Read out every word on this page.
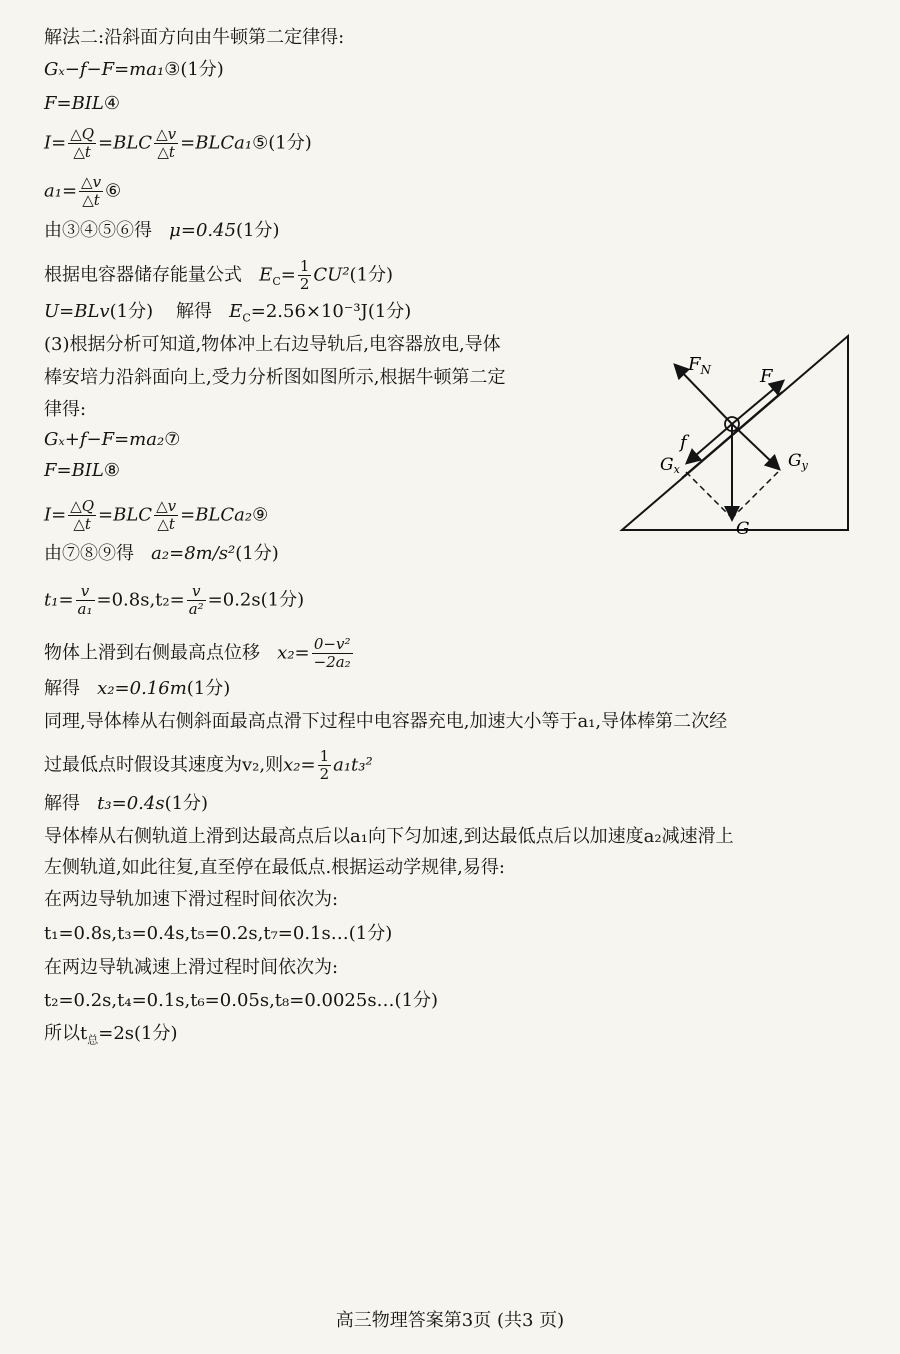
解法二:沿斜面方向由牛顿第二定律得:
Gₓ−f−F=ma₁③(1分)
F=BIL④
$I= \frac{\triangle Q}{\triangle t} =BLC \frac{\triangle v}{\triangle t}$ =BLCa₁⑤(1分)
$a_1= \frac{\triangle v}{\triangle t}$ ⑥
由③④⑤⑥得 μ=0.45(1分)
根据电容器储存能量公式 $E_C= \frac{1}{2} CU^2(1$分)
U=BLv(1分) 解得 $E_C=2.56\times 10^{-3}J(1$分)
(3)根据分析可知道,物体冲上右边导轨后,电容器放电,导体
棒安培力沿斜面向上,受力分析图如图所示,根据牛顿第二定
律得:
Gₓ+f−F=ma₂⑦
F=BIL⑧
$I= \frac{\triangle Q}{\triangle t} =BLC \frac{\triangle v}{\triangle t}$ =BLCa₂⑨
由⑦⑧⑨得 a₂=8m/s²(1分)
$t_1= \frac{v}{\text{a₁}} =0.8s,t_2= \frac{v}{\text{a²}} =0.2s(1$分)
物体上滑到右侧最高点位移 $x_2= \frac{\text{0−v²}}{\text{−2a₂}}$
解得 x₂=0.16m(1分)
同理,导体棒从右侧斜面最高点滑下过程中电容器充电,加速大小等于a₁,导体棒第二次经
过最低点时假设其速度为v₂,则$x_2= \frac{1}{2} a_1t_3^2$
解得 t₃=0.4s(1分)
导体棒从右侧轨道上滑到达最高点后以a₁向下匀加速,到达最低点后以加速度a₂减速滑上
左侧轨道,如此往复,直至停在最低点.根据运动学规律,易得:
在两边导轨加速下滑过程时间依次为:
t₁=0.8s,t₃=0.4s,t₅=0.2s,t₇=0.1s…(1分)
在两边导轨减速上滑过程时间依次为:
t₂=0.2s,t₄=0.1s,t₆=0.05s,t₈=0.0025s…(1分)
所以$t_总=2s(1$分)
$F_N$	F
f
Gx	Gy
G
高三物理答案第3页 (共3 页)
